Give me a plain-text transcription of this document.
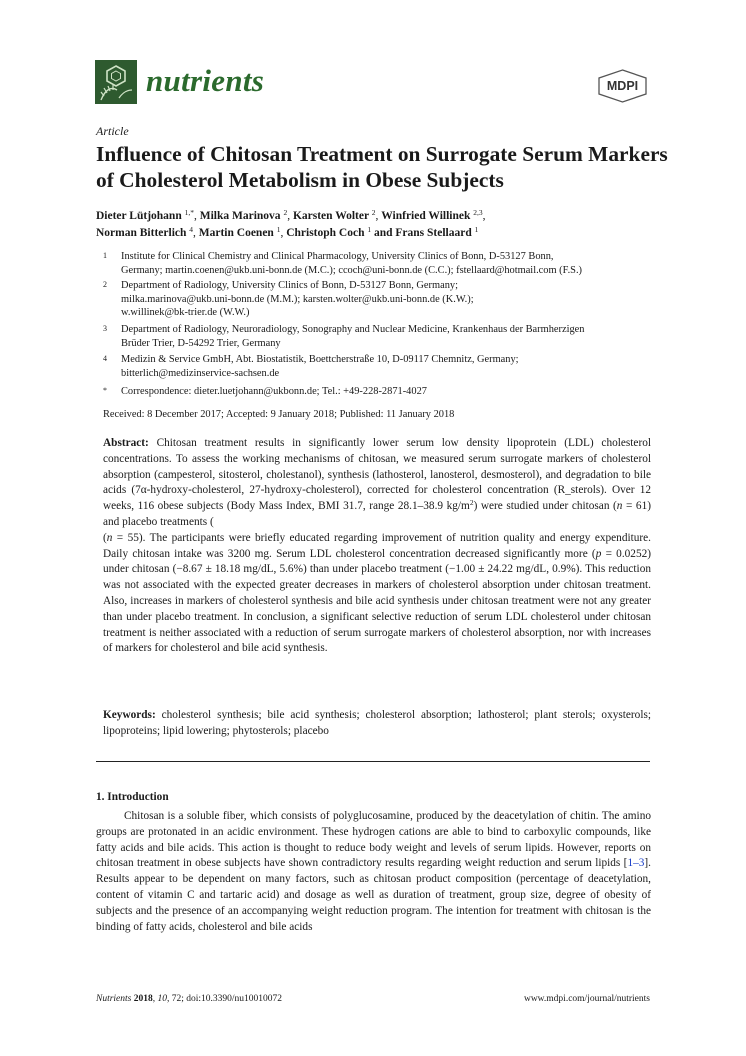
nutrients	MDPI
Article
Influence of Chitosan Treatment on Surrogate Serum Markers of Cholesterol Metabolism in Obese Subjects
Dieter Lütjohann $^{1,*}$, Milka Marinova $^2$, Karsten Wolter $^2$, Winfried Willinek $^{2,3}$,
Norman Bitterlich $^4$, Martin Coenen $^1$, Christoph Coch $^1$ and Frans Stellaard $^1$
1 Institute for Clinical Chemistry and Clinical Pharmacology, University Clinics of Bonn, D-53127 Bonn,
Germany; martin.coenen@ukb.uni-bonn.de (M.C.); ccoch@uni-bonn.de (C.C.); fstellaard@hotmail.com (F.S.)
2 Department of Radiology, University Clinics of Bonn, D-53127 Bonn, Germany;
milka.marinova@ukb.uni-bonn.de (M.M.); karsten.wolter@ukb.uni-bonn.de (K.W.);
w.willinek@bk-trier.de (W.W.)
3 Department of Radiology, Neuroradiology, Sonography and Nuclear Medicine, Krankenhaus der Barmherzigen
Brüder Trier, D-54292 Trier, Germany
4 Medizin & Service GmbH, Abt. Biostatistik, Boettcherstraße 10, D-09117 Chemnitz, Germany;
bitterlich@medizinservice-sachsen.de
* Correspondence: dieter.luetjohann@ukbonn.de; Tel.: +49-228-2871-4027
Received: 8 December 2017; Accepted: 9 January 2018; Published: 11 January 2018

Abstract: Chitosan treatment results in significantly lower serum low density lipoprotein (LDL) cholesterol concentrations. To assess the working mechanisms of chitosan, we measured serum surrogate markers of cholesterol absorption (campesterol, sitosterol, cholestanol), synthesis (lathosterol, lanosterol, desmosterol), and degradation to bile acids (7α-hydroxy-cholesterol, 27-hydroxy-cholesterol), corrected for cholesterol concentration (R_sterols). Over 12 weeks, 116 obese subjects (Body Mass Index, BMI 31.7, range 28.1–38.9 $kg/m^2$) were studied under chitosan (n = 61) and placebo treatments (
(n = 55). The participants were briefly educated regarding improvement of nutrition quality and energy expenditure. Daily chitosan intake was 3200 mg. Serum LDL cholesterol concentration decreased significantly more (p = 0.0252) under chitosan (−8.67 ± 18.18 mg/dL, 5.6%) than under placebo treatment (−1.00 ± 24.22 mg/dL, 0.9%). This reduction was not associated with the expected greater decreases in markers of cholesterol absorption under chitosan treatment. Also, increases in markers of cholesterol synthesis and bile acid synthesis under chitosan treatment were not any greater than under placebo treatment. In conclusion, a significant selective reduction of serum LDL cholesterol under chitosan treatment is neither associated with a reduction of serum surrogate markers of cholesterol absorption, nor with increases of markers for cholesterol and bile acid synthesis.

Keywords: cholesterol synthesis; bile acid synthesis; cholesterol absorption; lathosterol; plant sterols; oxysterols; lipoproteins; lipid lowering; phytosterols; placebo

1. Introduction

Chitosan is a soluble fiber, which consists of polyglucosamine, produced by the deacetylation of chitin. The amino groups are protonated in an acidic environment. These hydrogen cations are able to bind to carboxylic compounds, like fatty acids and bile acids. This action is thought to reduce body weight and levels of serum lipids. However, reports on chitosan treatment in obese subjects have shown contradictory results regarding weight reduction and serum lipids [1–3]. Results appear to be dependent on many factors, such as chitosan product composition (percentage of deacetylation, content of vitamin C and tartaric acid) and dosage as well as duration of treatment, group size, degree of obesity of subjects and the presence of an accompanying weight reduction program. The intention for treatment with chitosan is the binding of fatty acids, cholesterol and bile acids

Nutrients 2018, 10, 72; doi:10.3390/nu10010072	www.mdpi.com/journal/nutrients
